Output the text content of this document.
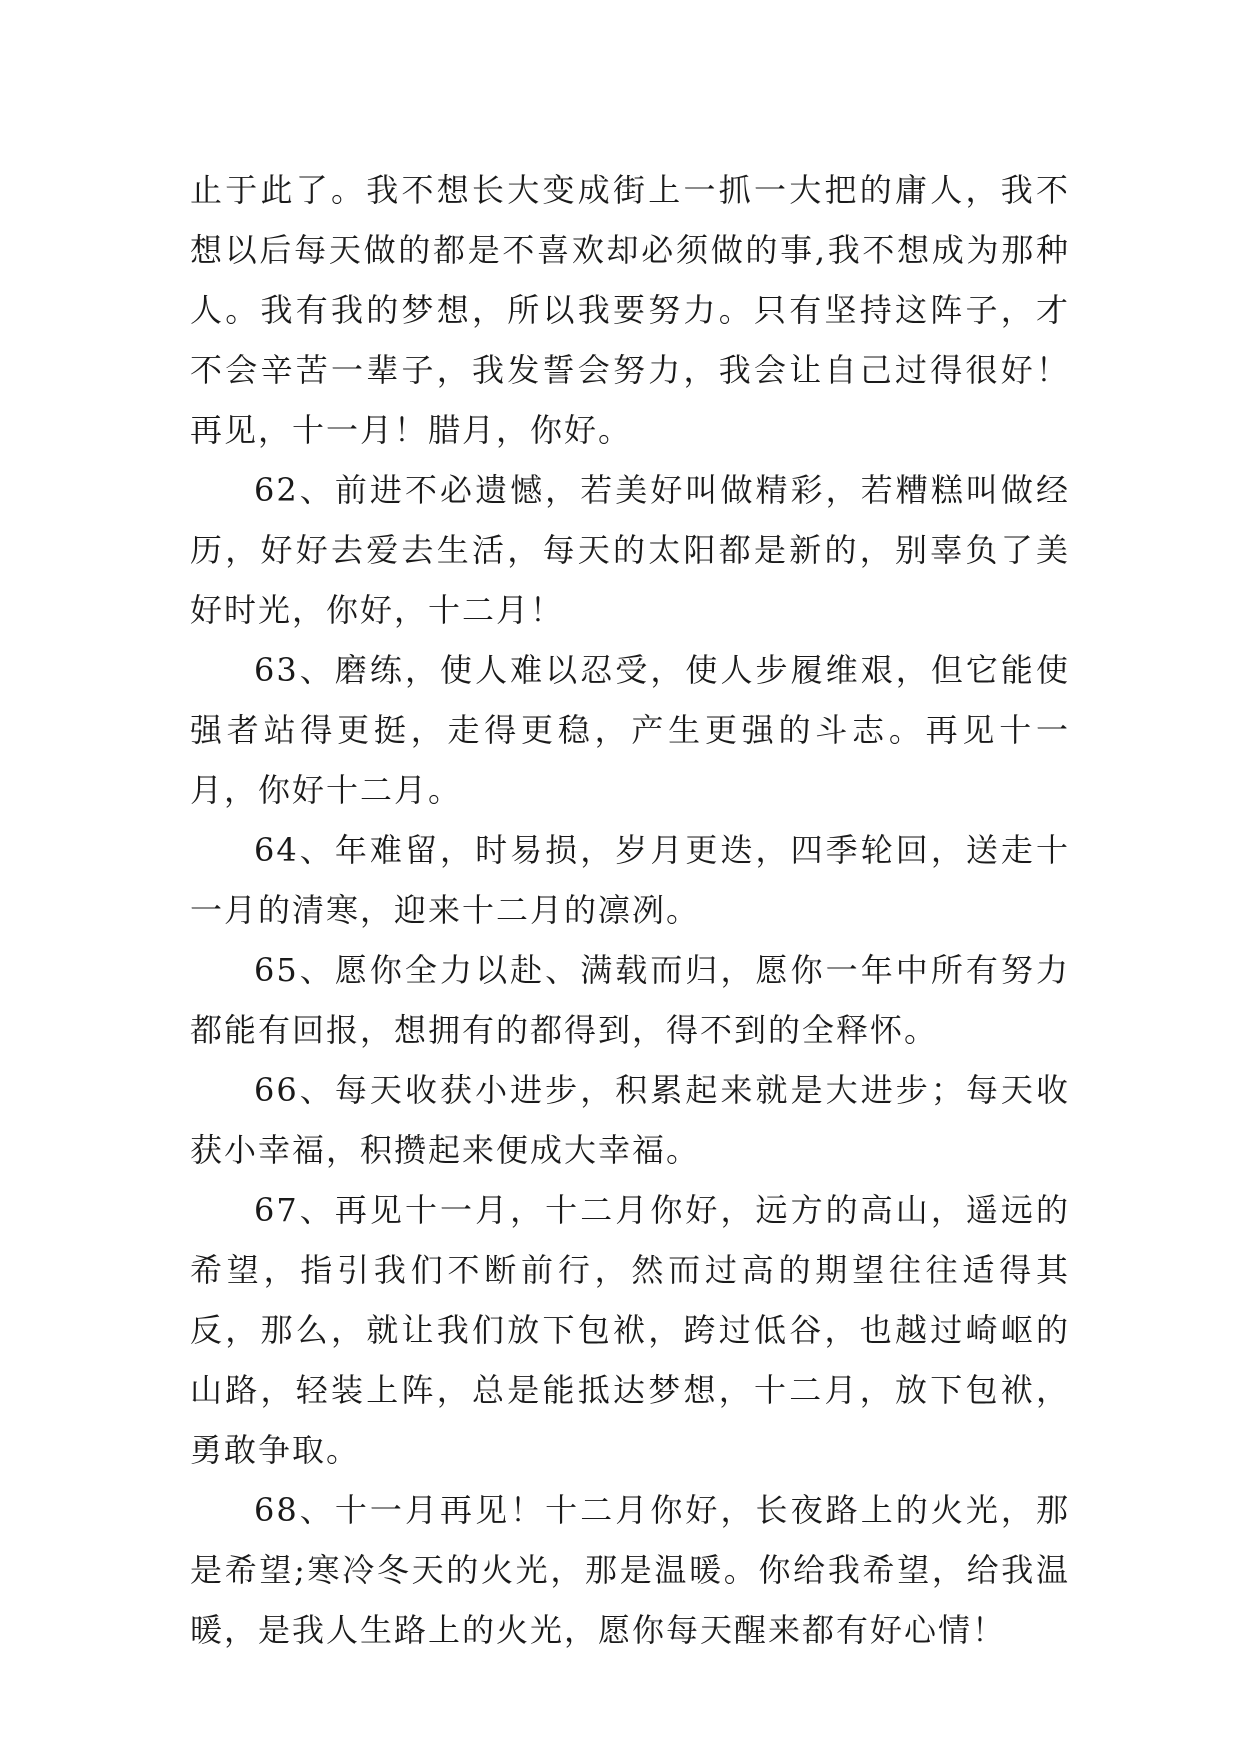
止于此了。我不想长大变成街上一抓一大把的庸人，我不想以后每天做的都是不喜欢却必须做的事,我不想成为那种人。我有我的梦想，所以我要努力。只有坚持这阵子，才不会辛苦一辈子，我发誓会努力，我会让自己过得很好！再见，十一月！腊月，你好。

62、前进不必遗憾，若美好叫做精彩，若糟糕叫做经历，好好去爱去生活，每天的太阳都是新的，别辜负了美好时光，你好，十二月！

63、磨练，使人难以忍受，使人步履维艰，但它能使强者站得更挺，走得更稳，产生更强的斗志。再见十一月，你好十二月。

64、年难留，时易损，岁月更迭，四季轮回，送走十一月的清寒，迎来十二月的凛冽。

65、愿你全力以赴、满载而归，愿你一年中所有努力都能有回报，想拥有的都得到，得不到的全释怀。

66、每天收获小进步，积累起来就是大进步；每天收获小幸福，积攒起来便成大幸福。

67、再见十一月，十二月你好，远方的高山，遥远的希望，指引我们不断前行，然而过高的期望往往适得其反，那么，就让我们放下包袱，跨过低谷，也越过崎岖的山路，轻装上阵，总是能抵达梦想，十二月，放下包袱，勇敢争取。

68、十一月再见！十二月你好，长夜路上的火光，那是希望;寒冷冬天的火光，那是温暖。你给我希望，给我温暖，是我人生路上的火光，愿你每天醒来都有好心情！
